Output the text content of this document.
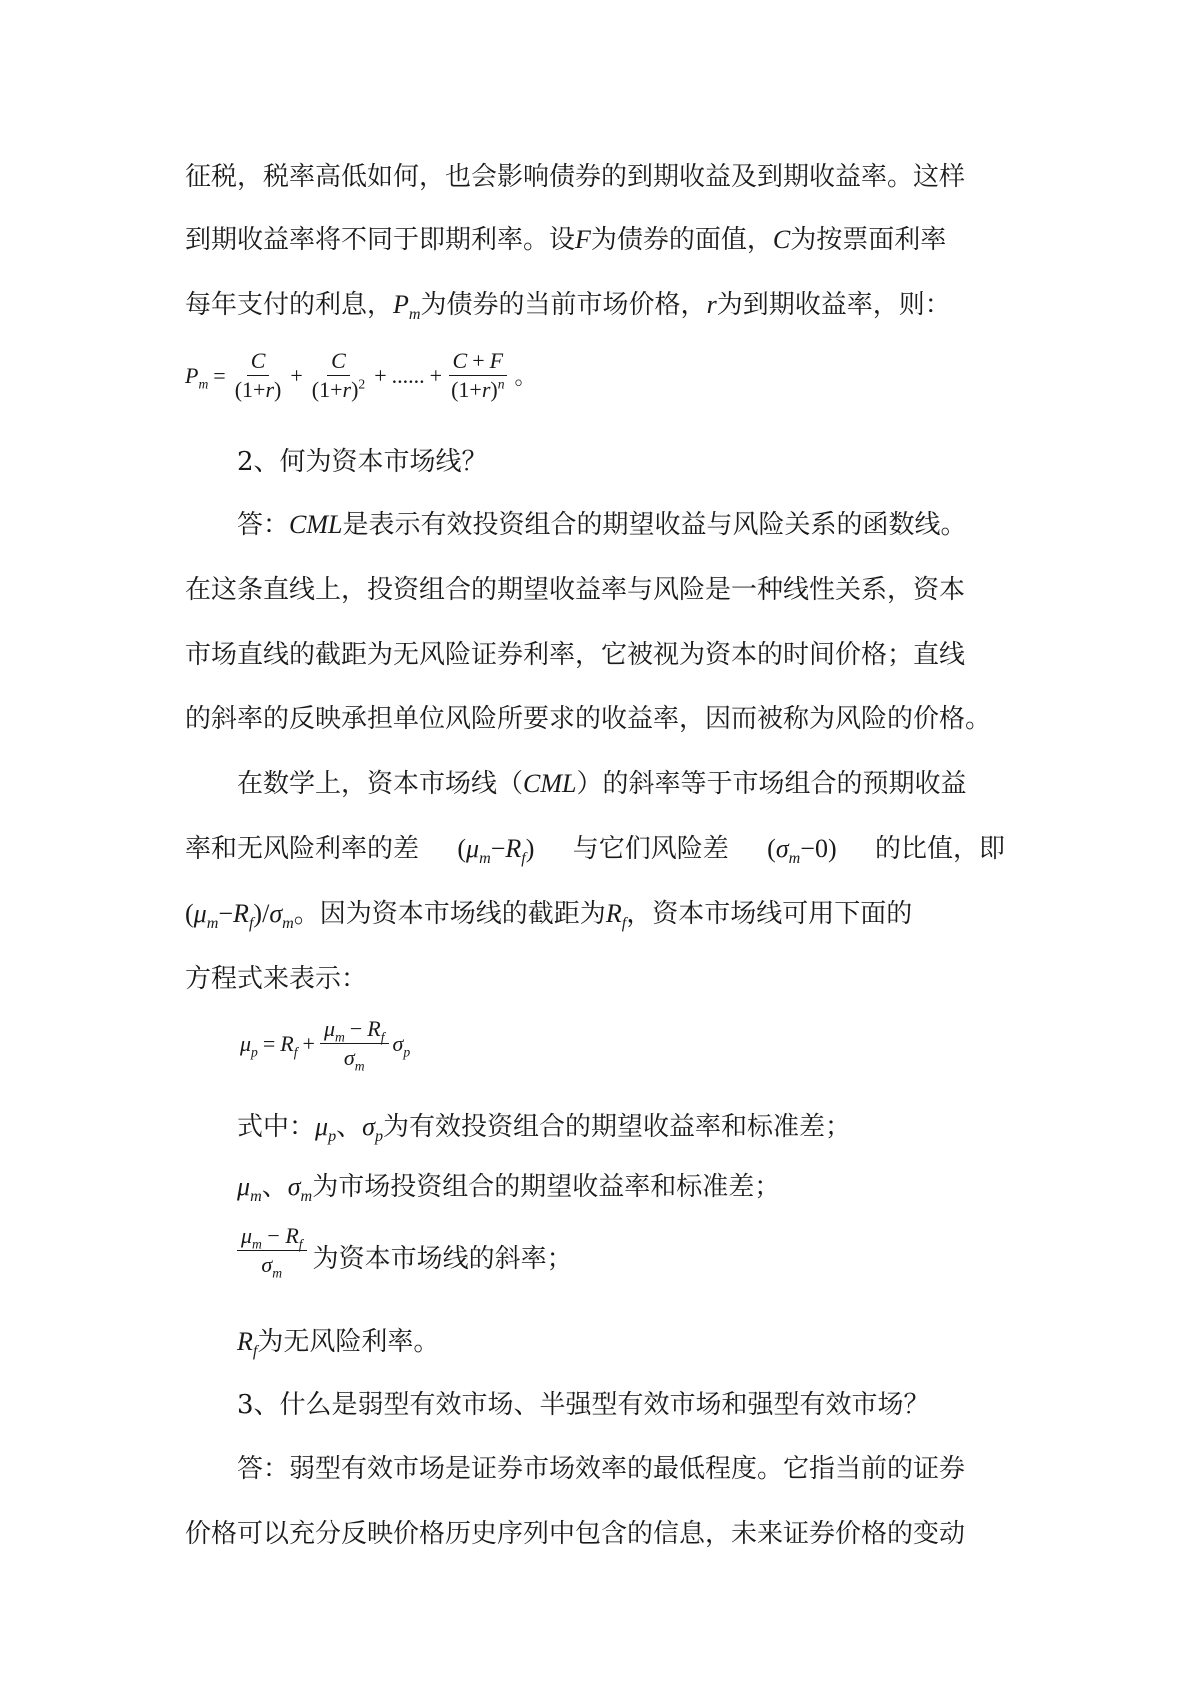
征税，税率高低如何，也会影响债券的到期收益及到期收益率。这样
到期收益率将不同于即期利率。设F为债券的面值，C为按票面利率
每年支付的利息，$P_m$为债券的当前市场价格，r为到期收益率，则：
$P_m = \frac{C}{(1+r)} + \frac{C}{(1+r)^2}$ + ...... + $\frac{C + F}{(1+r)^n}$ 。
2、何为资本市场线？
答：CML是表示有效投资组合的期望收益与风险关系的函数线。
在这条直线上，投资组合的期望收益率与风险是一种线性关系，资本
市场直线的截距为无风险证券利率，它被视为资本的时间价格；直线
的斜率的反映承担单位风险所要求的收益率，因而被称为风险的价格。
在数学上，资本市场线（CML）的斜率等于市场组合的预期收益
率和无风险利率的差 $(\mu_m-R_f)$ 与它们风险差 $(\sigma_m-0)$ 的比值，即
$(\mu_m-R_f)/\sigma_m$。因为资本市场线的截距为$R_f$，资本市场线可用下面的
方程式来表示：
$\mu_p = R_f + \frac{\mu_m - R_f}{\sigma_m} \sigma_p$
式中：$\mu_p$、$\sigma_p$为有效投资组合的期望收益率和标准差；
$\mu_m$、$\sigma_m$为市场投资组合的期望收益率和标准差；
$\frac{\mu_m - R_f}{\sigma_m}$ 为资本市场线的斜率；
$R_f$为无风险利率。
3、什么是弱型有效市场、半强型有效市场和强型有效市场？
答：弱型有效市场是证券市场效率的最低程度。它指当前的证券
价格可以充分反映价格历史序列中包含的信息，未来证券价格的变动
